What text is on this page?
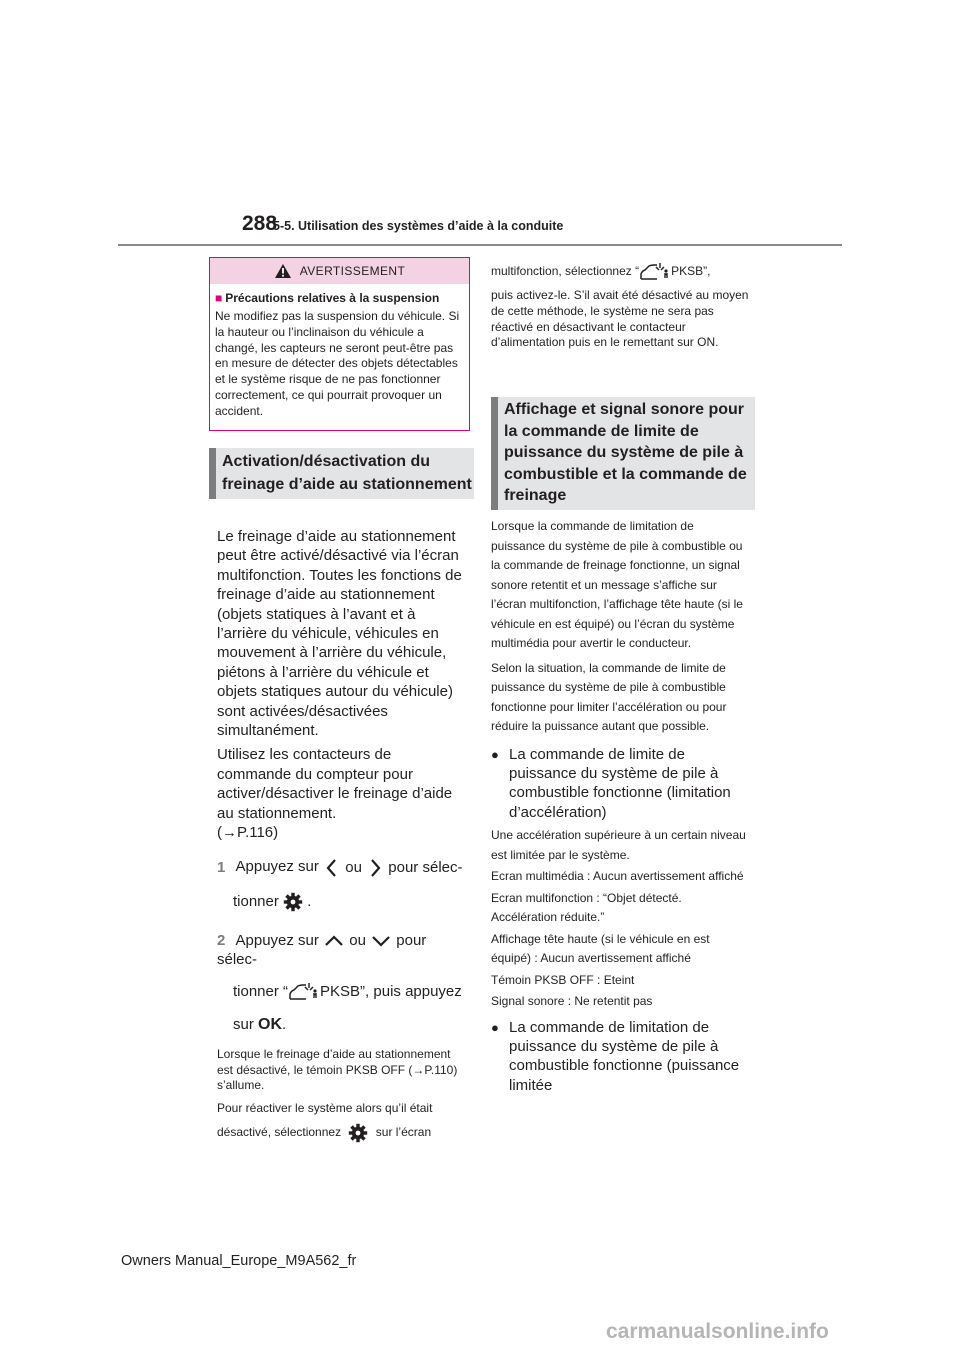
288
5-5. Utilisation des systèmes d’aide à la conduite
AVERTISSEMENT
■ Précautions relatives à la suspension
Ne modifiez pas la suspension du véhicule. Si la hauteur ou l’inclinaison du véhicule a changé, les capteurs ne seront peut-être pas en mesure de détecter des objets détectables et le système risque de ne pas fonctionner correctement, ce qui pourrait provoquer un accident.
Activation/désactivation du freinage d’aide au stationnement
Le freinage d’aide au stationnement peut être activé/désactivé via l’écran multifonction. Toutes les fonctions de freinage d’aide au stationnement (objets statiques à l’avant et à l’arrière du véhicule, véhicules en mouvement à l’arrière du véhicule, piétons à l’arrière du véhicule et objets statiques autour du véhicule) sont activées/désactivées simultanément.
Utilisez les contacteurs de commande du compteur pour activer/désactiver le freinage d’aide au stationnement.
(→P.116)
1 Appuyez sur ou pour sélec-
tionner .
2 Appuyez sur ou pour sélec-
tionner “ PKSB”, puis appuyez
sur OK.
Lorsque le freinage d’aide au stationnement est désactivé, le témoin PKSB OFF (→P.110) s’allume.
Pour réactiver le système alors qu’il était
désactivé, sélectionnez	sur l’écran
multifonction, sélectionnez “	PKSB”,
puis activez-le. S’il avait été désactivé au moyen de cette méthode, le système ne sera pas réactivé en désactivant le contacteur d’alimentation puis en le remettant sur ON.
Affichage et signal sonore pour la commande de limite de puissance du système de pile à combustible et la commande de freinage
Lorsque la commande de limitation de puissance du système de pile à combustible ou la commande de freinage fonctionne, un signal sonore retentit et un message s’affiche sur l’écran multifonction, l’affichage tête haute (si le véhicule en est équipé) ou l’écran du système multimédia pour avertir le conducteur.
Selon la situation, la commande de limite de puissance du système de pile à combustible fonctionne pour limiter l’accélération ou pour réduire la puissance autant que possible.
● La commande de limite de puissance du système de pile à combustible fonctionne (limitation d’accélération)
Une accélération supérieure à un certain niveau est limitée par le système.
Ecran multimédia : Aucun avertissement affiché
Ecran multifonction : “Objet détecté. Accélération réduite.”
Affichage tête haute (si le véhicule en est équipé) : Aucun avertissement affiché
Témoin PKSB OFF : Eteint
Signal sonore : Ne retentit pas
● La commande de limitation de puissance du système de pile à combustible fonctionne (puissance limitée
Owners Manual_Europe_M9A562_fr
carmanualsonline.info
